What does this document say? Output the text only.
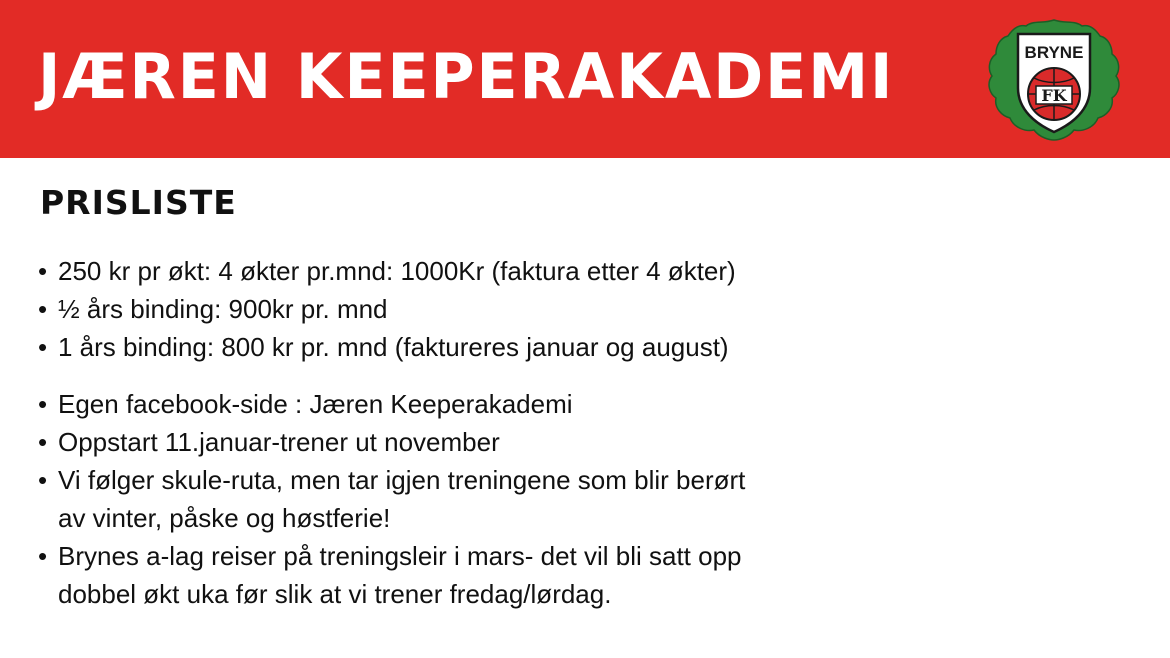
JÆREN KEEPERAKADEMI	FK
BRYNE
PRISLISTE
• 250 kr pr økt: 4 økter pr.mnd: 1000Kr (faktura etter 4 økter)
• ½ års binding: 900kr pr. mnd
• 1 års binding: 800 kr pr. mnd (faktureres januar og august)
• Egen facebook-side : Jæren Keeperakademi
• Oppstart 11.januar-trener ut november
• Vi følger skule-ruta, men tar igjen treningene som blir berørt
av vinter, påske og høstferie!
• Brynes a-lag reiser på treningsleir i mars- det vil bli satt opp
dobbel økt uka før slik at vi trener fredag/lørdag.
